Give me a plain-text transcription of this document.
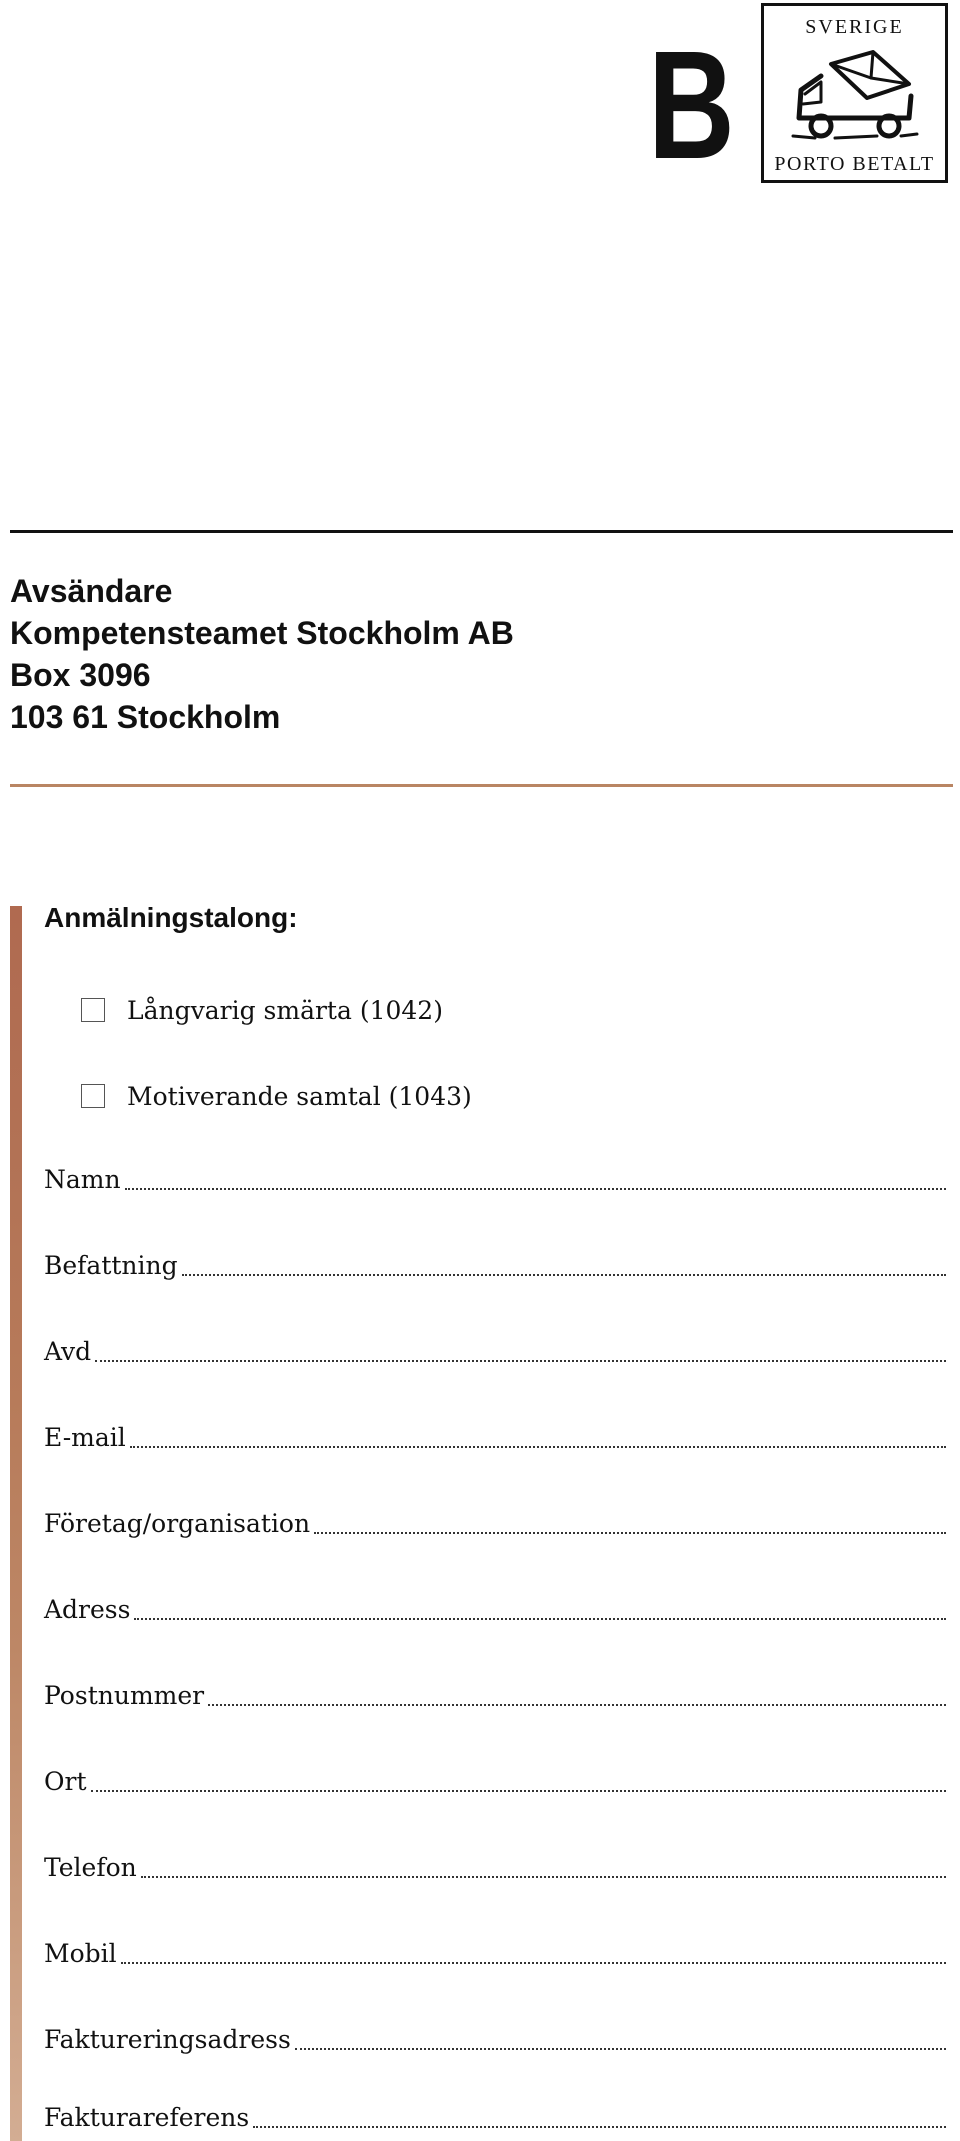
B	SVERIGE
PORTO BETALT
Avsändare
Kompetensteamet Stockholm AB
Box 3096
103 61 Stockholm
Anmälningstalong:
Långvarig smärta (1042)
Motiverande samtal (1043)
Namn
Befattning
Avd
E-mail
Företag/organisation
Adress
Postnummer
Ort
Telefon
Mobil
Faktureringsadress
Fakturareferens
